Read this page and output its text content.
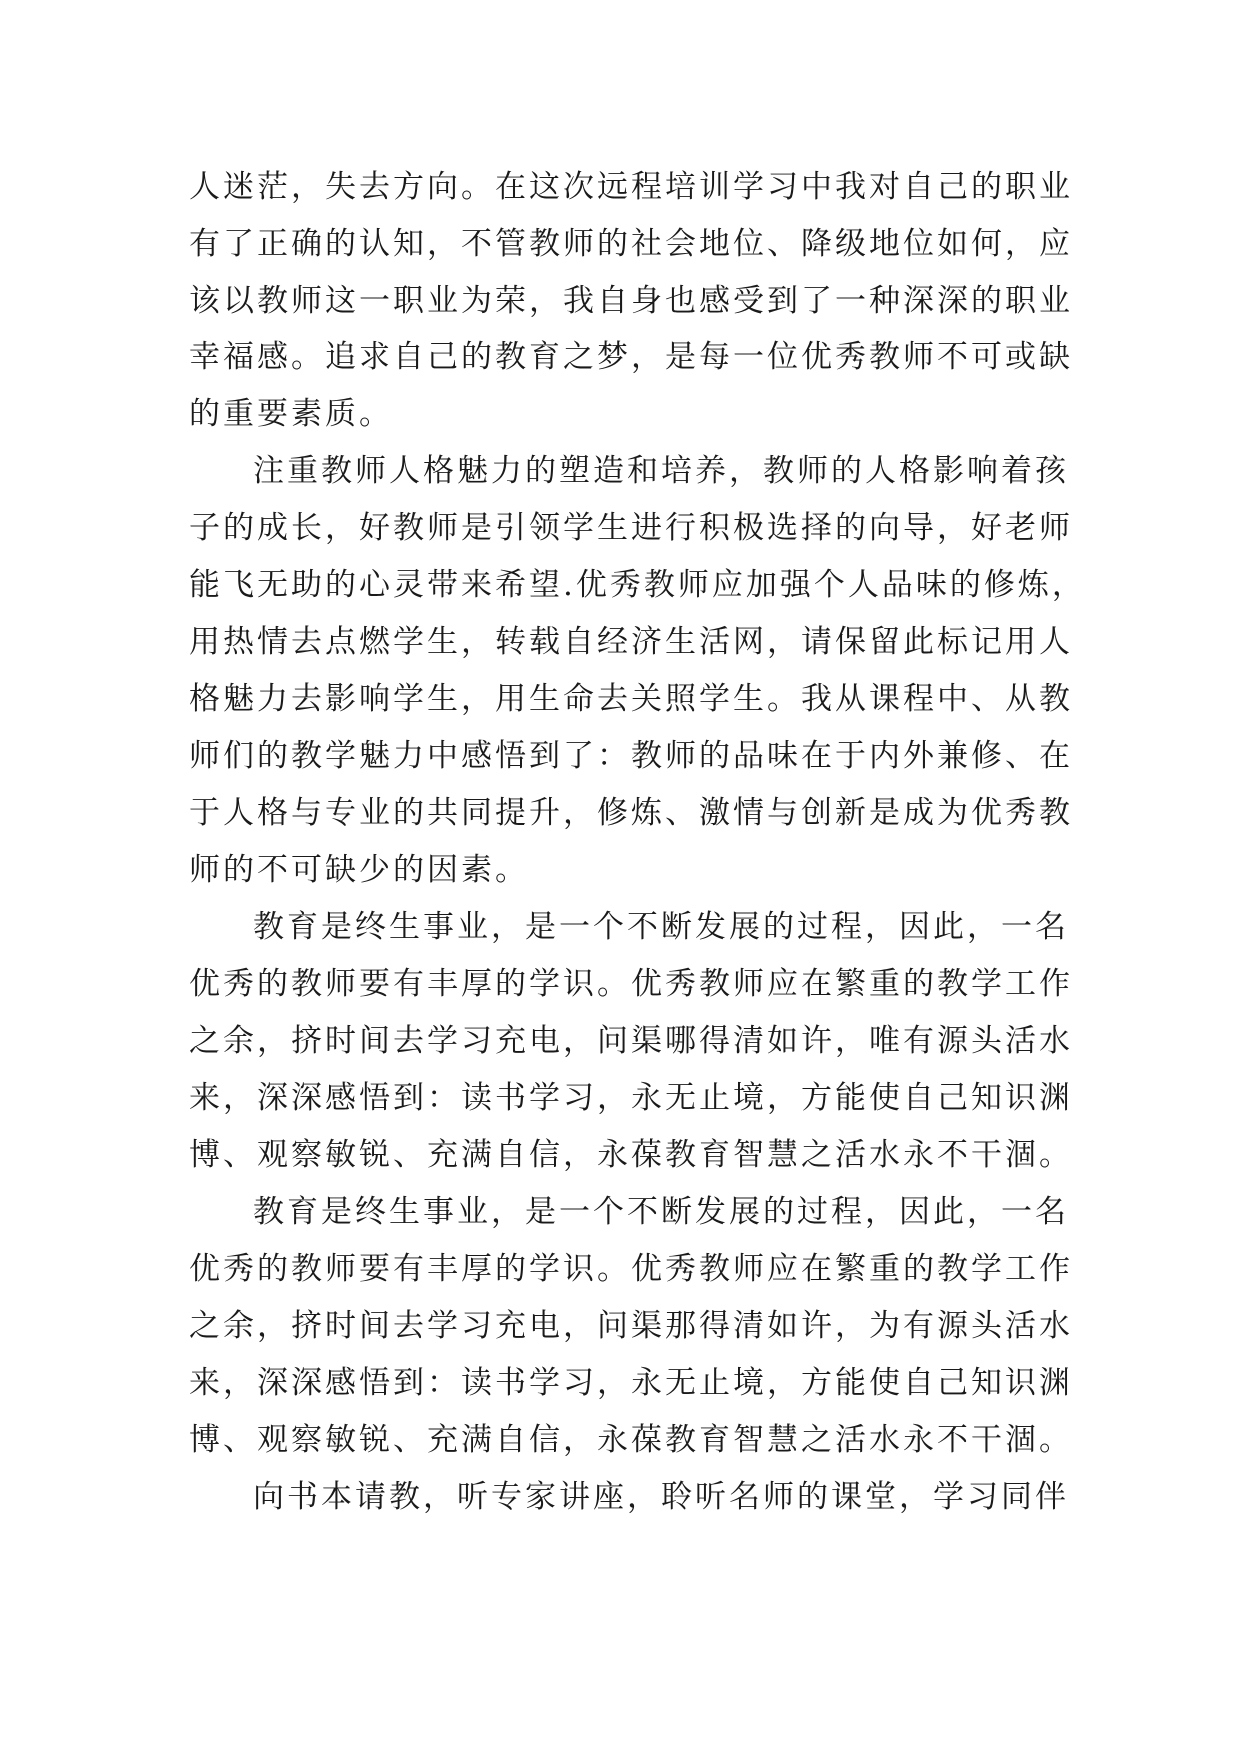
人迷茫，失去方向。在这次远程培训学习中我对自己的职业
有了正确的认知，不管教师的社会地位、降级地位如何，应
该以教师这一职业为荣，我自身也感受到了一种深深的职业
幸福感。追求自己的教育之梦，是每一位优秀教师不可或缺
的重要素质。
注重教师人格魅力的塑造和培养，教师的人格影响着孩
子的成长，好教师是引领学生进行积极选择的向导，好老师
能飞无助的心灵带来希望.优秀教师应加强个人品味的修炼，
用热情去点燃学生，转载自经济生活网，请保留此标记用人
格魅力去影响学生，用生命去关照学生。我从课程中、从教
师们的教学魅力中感悟到了：教师的品味在于内外兼修、在
于人格与专业的共同提升，修炼、激情与创新是成为优秀教
师的不可缺少的因素。
教育是终生事业，是一个不断发展的过程，因此，一名
优秀的教师要有丰厚的学识。优秀教师应在繁重的教学工作
之余，挤时间去学习充电，问渠哪得清如许，唯有源头活水
来，深深感悟到：读书学习，永无止境，方能使自己知识渊
博、观察敏锐、充满自信，永葆教育智慧之活水永不干涸。
教育是终生事业，是一个不断发展的过程，因此，一名
优秀的教师要有丰厚的学识。优秀教师应在繁重的教学工作
之余，挤时间去学习充电，问渠那得清如许，为有源头活水
来，深深感悟到：读书学习，永无止境，方能使自己知识渊
博、观察敏锐、充满自信，永葆教育智慧之活水永不干涸。
向书本请教，听专家讲座，聆听名师的课堂，学习同伴
